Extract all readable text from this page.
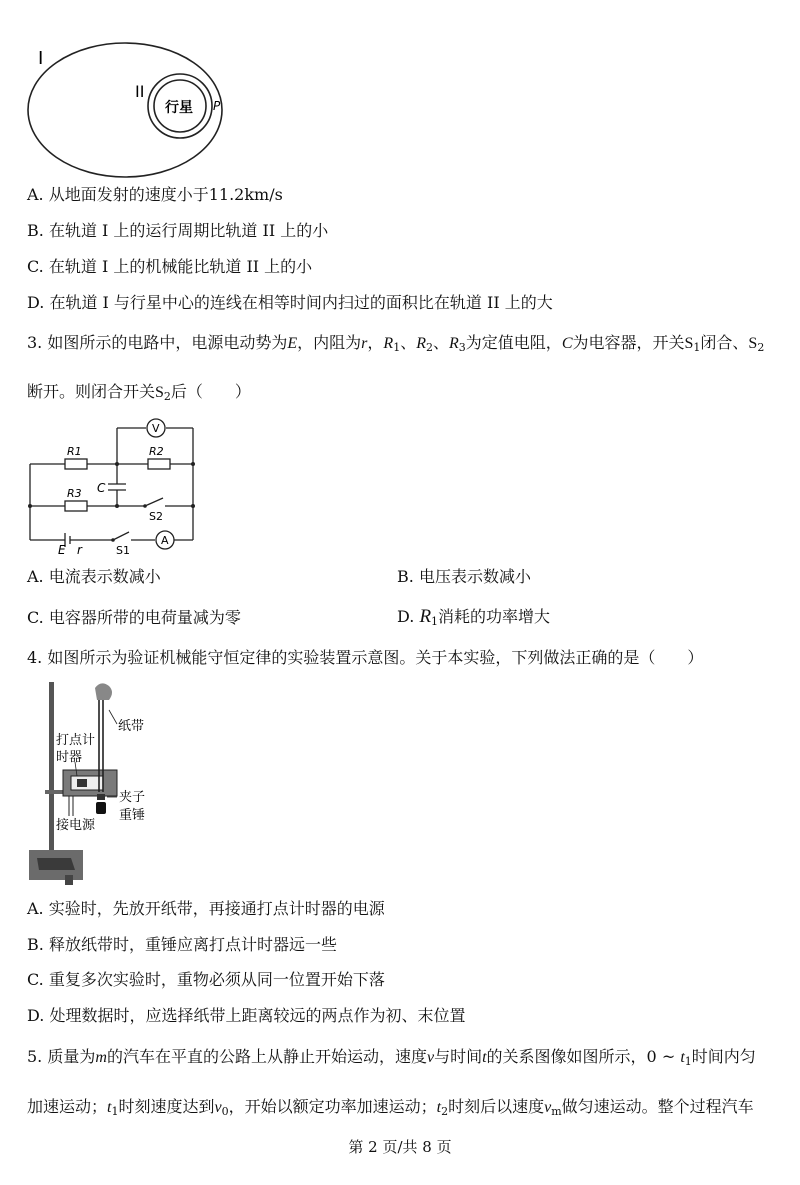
I
II
行星 P
A. 从地面发射的速度小于11.2km/s
B. 在轨道 I 上的运行周期比轨道 II 上的小
C. 在轨道 I 上的机械能比轨道 II 上的小
D. 在轨道 I 与行星中心的连线在相等时间内扫过的面积比在轨道 II 上的大
3. 如图所示的电路中，电源电动势为E，内阻为r，$R_1$、$R_2$、$R_3$为定值电阻，C为电容器，开关$S_1$闭合、$S_2$
断开。则闭合开关$S_2$后（　　）
R1	R2
R3 C
V
A
S2
S1
E r
A. 电流表示数减小	B. 电压表示数减小
C. 电容器所带的电荷量减为零	D. $R_1$消耗的功率增大
4. 如图所示为验证机械能守恒定律的实验装置示意图。关于本实验，下列做法正确的是（　　）
纸带
打点计
时器
夹子
重锤
接电源
A. 实验时，先放开纸带，再接通打点计时器的电源
B. 释放纸带时，重锤应离打点计时器远一些
C. 重复多次实验时，重物必须从同一位置开始下落
D. 处理数据时，应选择纸带上距离较远的两点作为初、末位置
5. 质量为m的汽车在平直的公路上从静止开始运动，速度v与时间t的关系图像如图所示，0 ~ $t_1$时间内匀
加速运动；$t_1$时刻速度达到$v_0$，开始以额定功率加速运动；$t_2$时刻后以速度$v_m$做匀速运动。整个过程汽车
第 2 页/共 8 页
